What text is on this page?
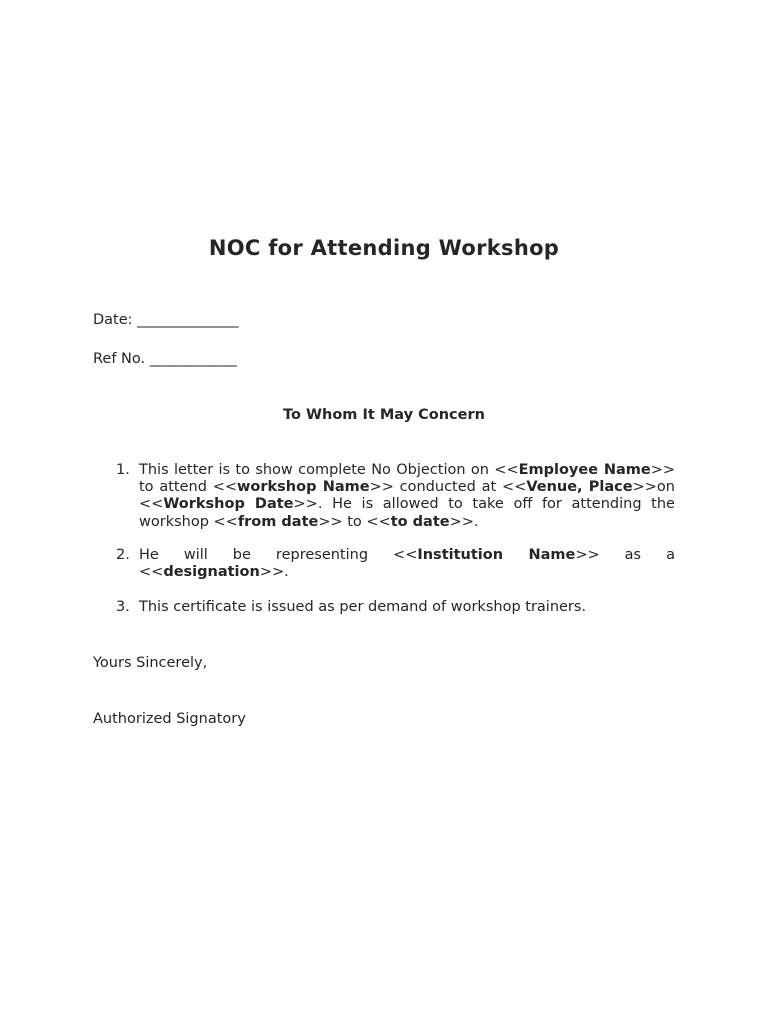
NOC for Attending Workshop
Date: ______________
Ref No. ____________
To Whom It May Concern
1. This letter is to show complete No Objection on <<Employee Name>> to attend <<workshop Name>> conducted at <<Venue, Place>>on <<Workshop Date>>. He is allowed to take off for attending the workshop <<from date>> to <<to date>>.
2. He will be representing <<Institution Name>> as a <<designation>>.
3. This certificate is issued as per demand of workshop trainers.
Yours Sincerely,
Authorized Signatory
